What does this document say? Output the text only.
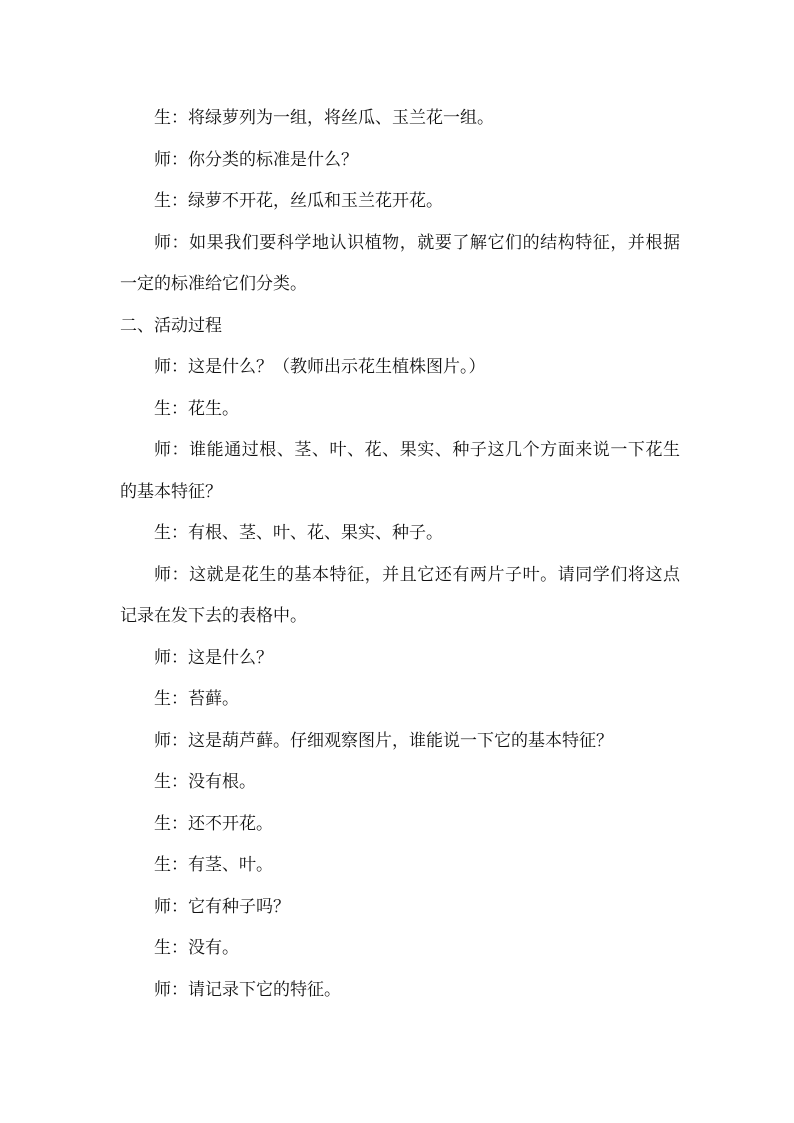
生：将绿萝列为一组，将丝瓜、玉兰花一组。

师：你分类的标准是什么？

生：绿萝不开花，丝瓜和玉兰花开花。

师：如果我们要科学地认识植物，就要了解它们的结构特征，并根据一定的标准给它们分类。

二、活动过程

师：这是什么？（教师出示花生植株图片。）

生：花生。

师：谁能通过根、茎、叶、花、果实、种子这几个方面来说一下花生的基本特征？

生：有根、茎、叶、花、果实、种子。

师：这就是花生的基本特征，并且它还有两片子叶。请同学们将这点记录在发下去的表格中。

师：这是什么？

生：苔藓。

师：这是葫芦藓。仔细观察图片，谁能说一下它的基本特征？

生：没有根。

生：还不开花。

生：有茎、叶。

师：它有种子吗？

生：没有。

师：请记录下它的特征。
